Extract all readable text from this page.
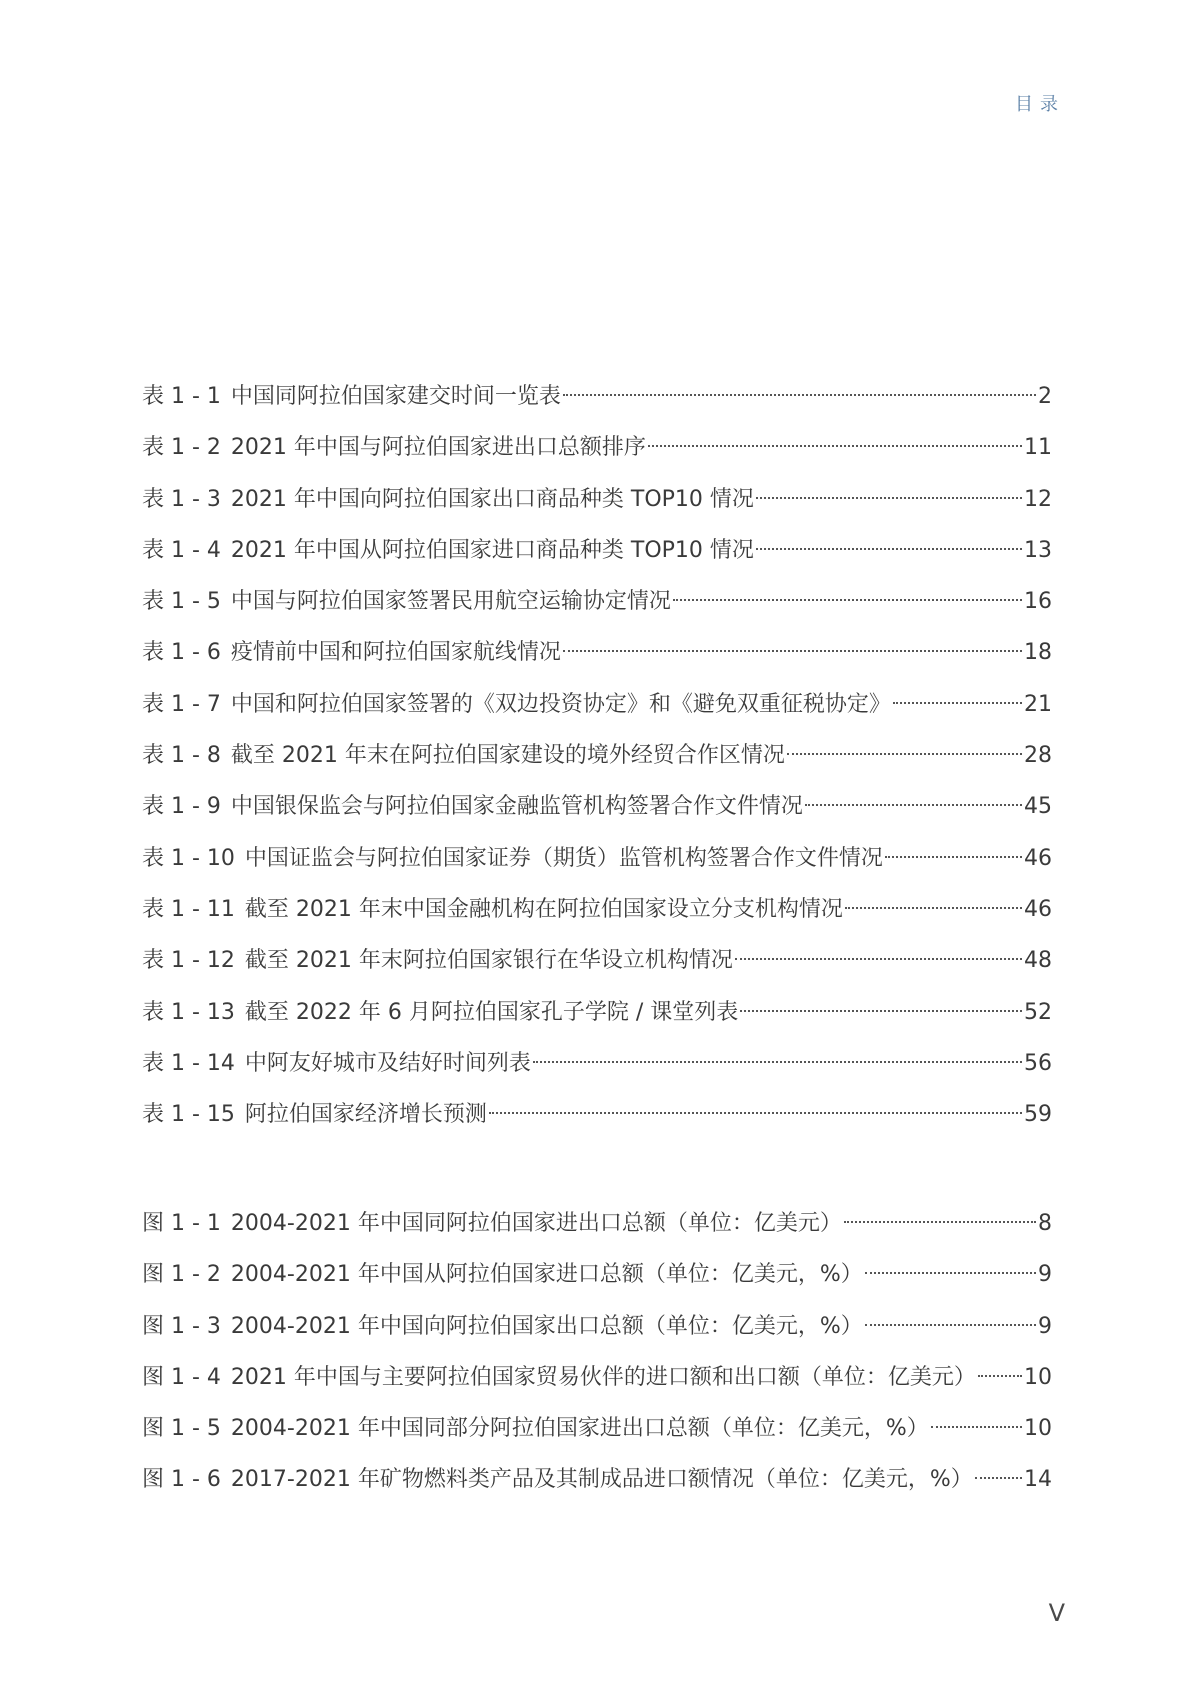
目录
表 1 - 1 中国同阿拉伯国家建交时间一览表	2
表 1 - 2 2021 年中国与阿拉伯国家进出口总额排序	11
表 1 - 3 2021 年中国向阿拉伯国家出口商品种类 TOP10 情况	12
表 1 - 4 2021 年中国从阿拉伯国家进口商品种类 TOP10 情况	13
表 1 - 5 中国与阿拉伯国家签署民用航空运输协定情况	16
表 1 - 6 疫情前中国和阿拉伯国家航线情况	18
表 1 - 7 中国和阿拉伯国家签署的《双边投资协定》和《避免双重征税协定》	21
表 1 - 8 截至 2021 年末在阿拉伯国家建设的境外经贸合作区情况	28
表 1 - 9 中国银保监会与阿拉伯国家金融监管机构签署合作文件情况	45
表 1 - 10 中国证监会与阿拉伯国家证券（期货）监管机构签署合作文件情况	46
表 1 - 11 截至 2021 年末中国金融机构在阿拉伯国家设立分支机构情况	46
表 1 - 12 截至 2021 年末阿拉伯国家银行在华设立机构情况	48
表 1 - 13 截至 2022 年 6 月阿拉伯国家孔子学院 / 课堂列表	52
表 1 - 14 中阿友好城市及结好时间列表	56
表 1 - 15 阿拉伯国家经济增长预测	59
图 1 - 1 2004-2021 年中国同阿拉伯国家进出口总额（单位：亿美元）	8
图 1 - 2 2004-2021 年中国从阿拉伯国家进口总额（单位：亿美元，%）	9
图 1 - 3 2004-2021 年中国向阿拉伯国家出口总额（单位：亿美元，%）	9
图 1 - 4 2021 年中国与主要阿拉伯国家贸易伙伴的进口额和出口额（单位：亿美元） 10
图 1 - 5 2004-2021 年中国同部分阿拉伯国家进出口总额（单位：亿美元，%）	10
图 1 - 6 2017-2021 年矿物燃料类产品及其制成品进口额情况（单位：亿美元，%） 14
V
